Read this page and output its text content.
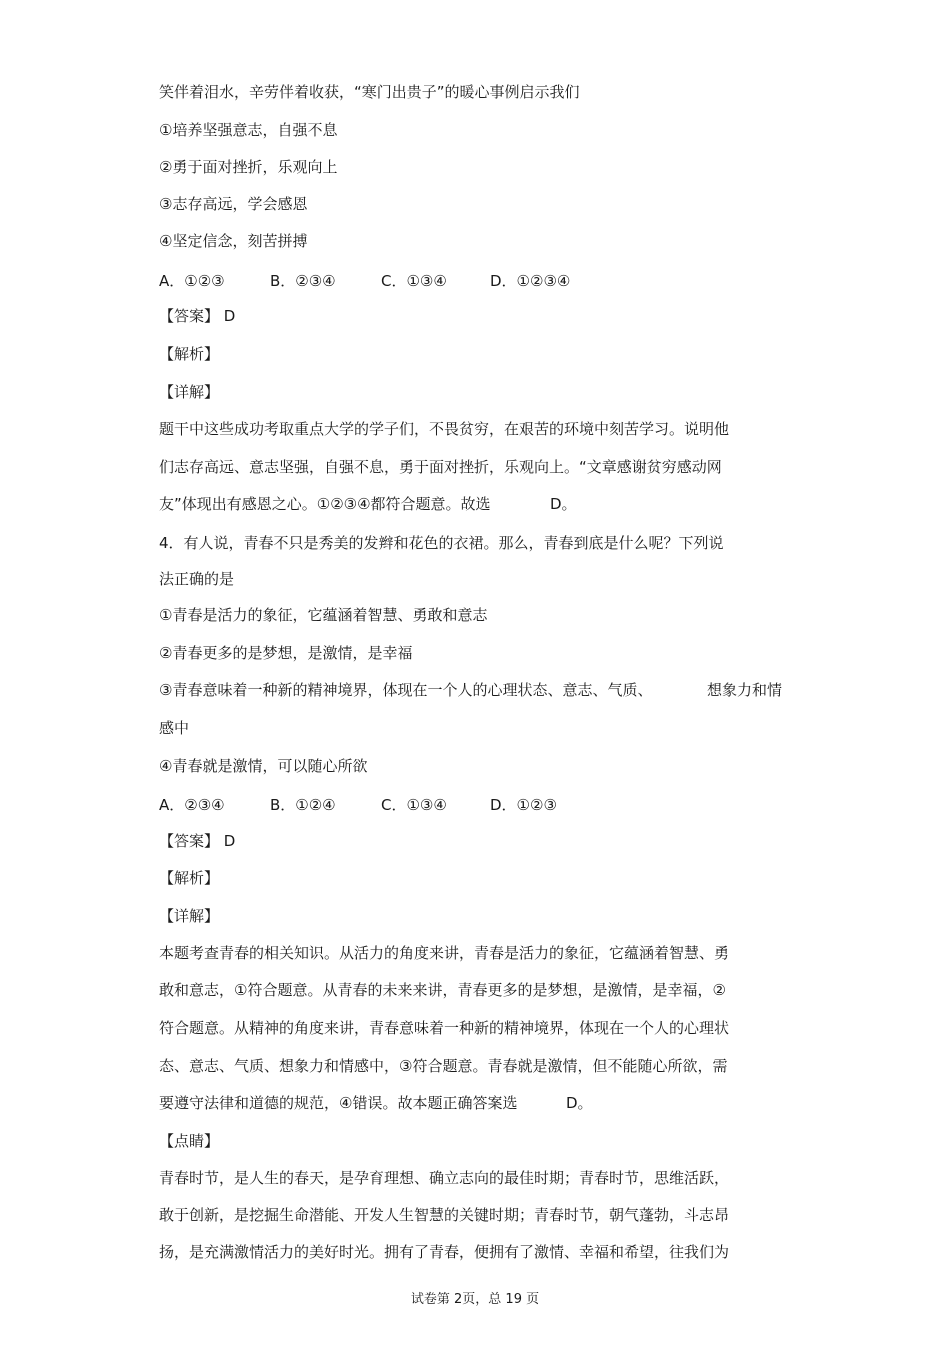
笑伴着泪水，辛劳伴着收获，“寒门出贵子”的暖心事例启示我们
①培养坚强意志，自强不息
②勇于面对挫折，乐观向上
③志存高远，学会感恩
④坚定信念，刻苦拼搏
A．①②③	B．②③④	C．①③④	D．①②③④
【答案】 D
【解析】
【详解】
题干中这些成功考取重点大学的学子们，不畏贫穷，在艰苦的环境中刻苦学习。说明他
们志存高远、意志坚强，自强不息，勇于面对挫折，乐观向上。“文章感谢贫穷感动网
友”体现出有感恩之心。①②③④都符合题意。故选	D。
4．有人说，青春不只是秀美的发辫和花色的衣裙。那么，青春到底是什么呢？下列说
法正确的是
①青春是活力的象征，它蕴涵着智慧、勇敢和意志
②青春更多的是梦想，是激情，是幸福
③青春意味着一种新的精神境界，体现在一个人的心理状态、意志、气质、	想象力和情
感中
④青春就是激情，可以随心所欲
A．②③④	B．①②④	C．①③④	D．①②③
【答案】 D
【解析】
【详解】
本题考查青春的相关知识。从活力的角度来讲，青春是活力的象征，它蕴涵着智慧、勇
敢和意志，①符合题意。从青春的未来来讲，青春更多的是梦想，是激情，是幸福，②
符合题意。从精神的角度来讲，青春意味着一种新的精神境界，体现在一个人的心理状
态、意志、气质、想象力和情感中，③符合题意。青春就是激情，但不能随心所欲，需
要遵守法律和道德的规范，④错误。故本题正确答案选	D。
【点睛】
青春时节，是人生的春天，是孕育理想、确立志向的最佳时期；青春时节，思维活跃，
敢于创新，是挖掘生命潜能、开发人生智慧的关键时期；青春时节，朝气蓬勃，斗志昂
扬，是充满激情活力的美好时光。拥有了青春，便拥有了激情、幸福和希望，往我们为
试卷第 2页，总 19 页
